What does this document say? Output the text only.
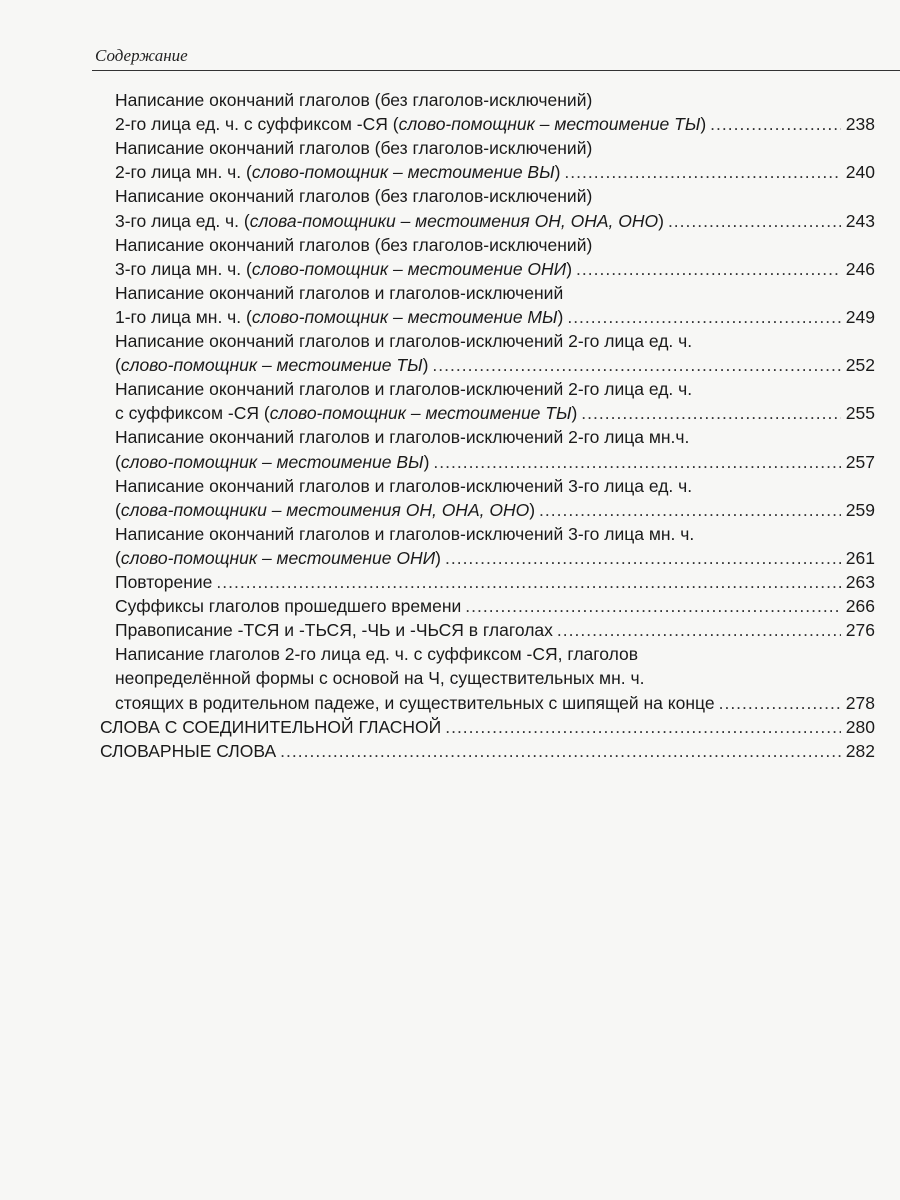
Содержание
Написание окончаний глаголов (без глаголов-исключений)
2-го лица ед. ч. с суффиксом -СЯ (слово-помощник – местоимение ТЫ) .....	238
Написание окончаний глаголов (без глаголов-исключений)
2-го лица мн. ч. (слово-помощник – местоимение ВЫ) .....	240
Написание окончаний глаголов (без глаголов-исключений)
3-го лица ед. ч. (слова-помощники – местоимения ОН, ОНА, ОНО) .....	243
Написание окончаний глаголов (без глаголов-исключений)
3-го лица мн. ч. (слово-помощник – местоимение ОНИ) .....	246
Написание окончаний глаголов и глаголов-исключений
1-го лица мн. ч. (слово-помощник – местоимение МЫ) .....	249
Написание окончаний глаголов и глаголов-исключений 2-го лица ед. ч.
(слово-помощник – местоимение ТЫ) .....	252
Написание окончаний глаголов и глаголов-исключений 2-го лица ед. ч.
с суффиксом -СЯ (слово-помощник – местоимение ТЫ) .....	255
Написание окончаний глаголов и глаголов-исключений 2-го лица мн.ч.
(слово-помощник – местоимение ВЫ) .....	257
Написание окончаний глаголов и глаголов-исключений 3-го лица ед. ч.
(слова-помощники – местоимения ОН, ОНА, ОНО) .....	259
Написание окончаний глаголов и глаголов-исключений 3-го лица мн. ч.
(слово-помощник – местоимение ОНИ) .....	261
Повторение .....	263
Суффиксы глаголов прошедшего времени .....	266
Правописание -ТСЯ и -ТЬСЯ, -ЧЬ и -ЧЬСЯ в глаголах .....	276
Написание глаголов 2-го лица ед. ч. с суффиксом -СЯ, глаголов
неопределённой формы с основой на Ч, существительных мн. ч.
стоящих в родительном падеже, и существительных с шипящей на конце .....	278
СЛОВА С СОЕДИНИТЕЛЬНОЙ ГЛАСНОЙ .....	280
СЛОВАРНЫЕ СЛОВА .....	282
